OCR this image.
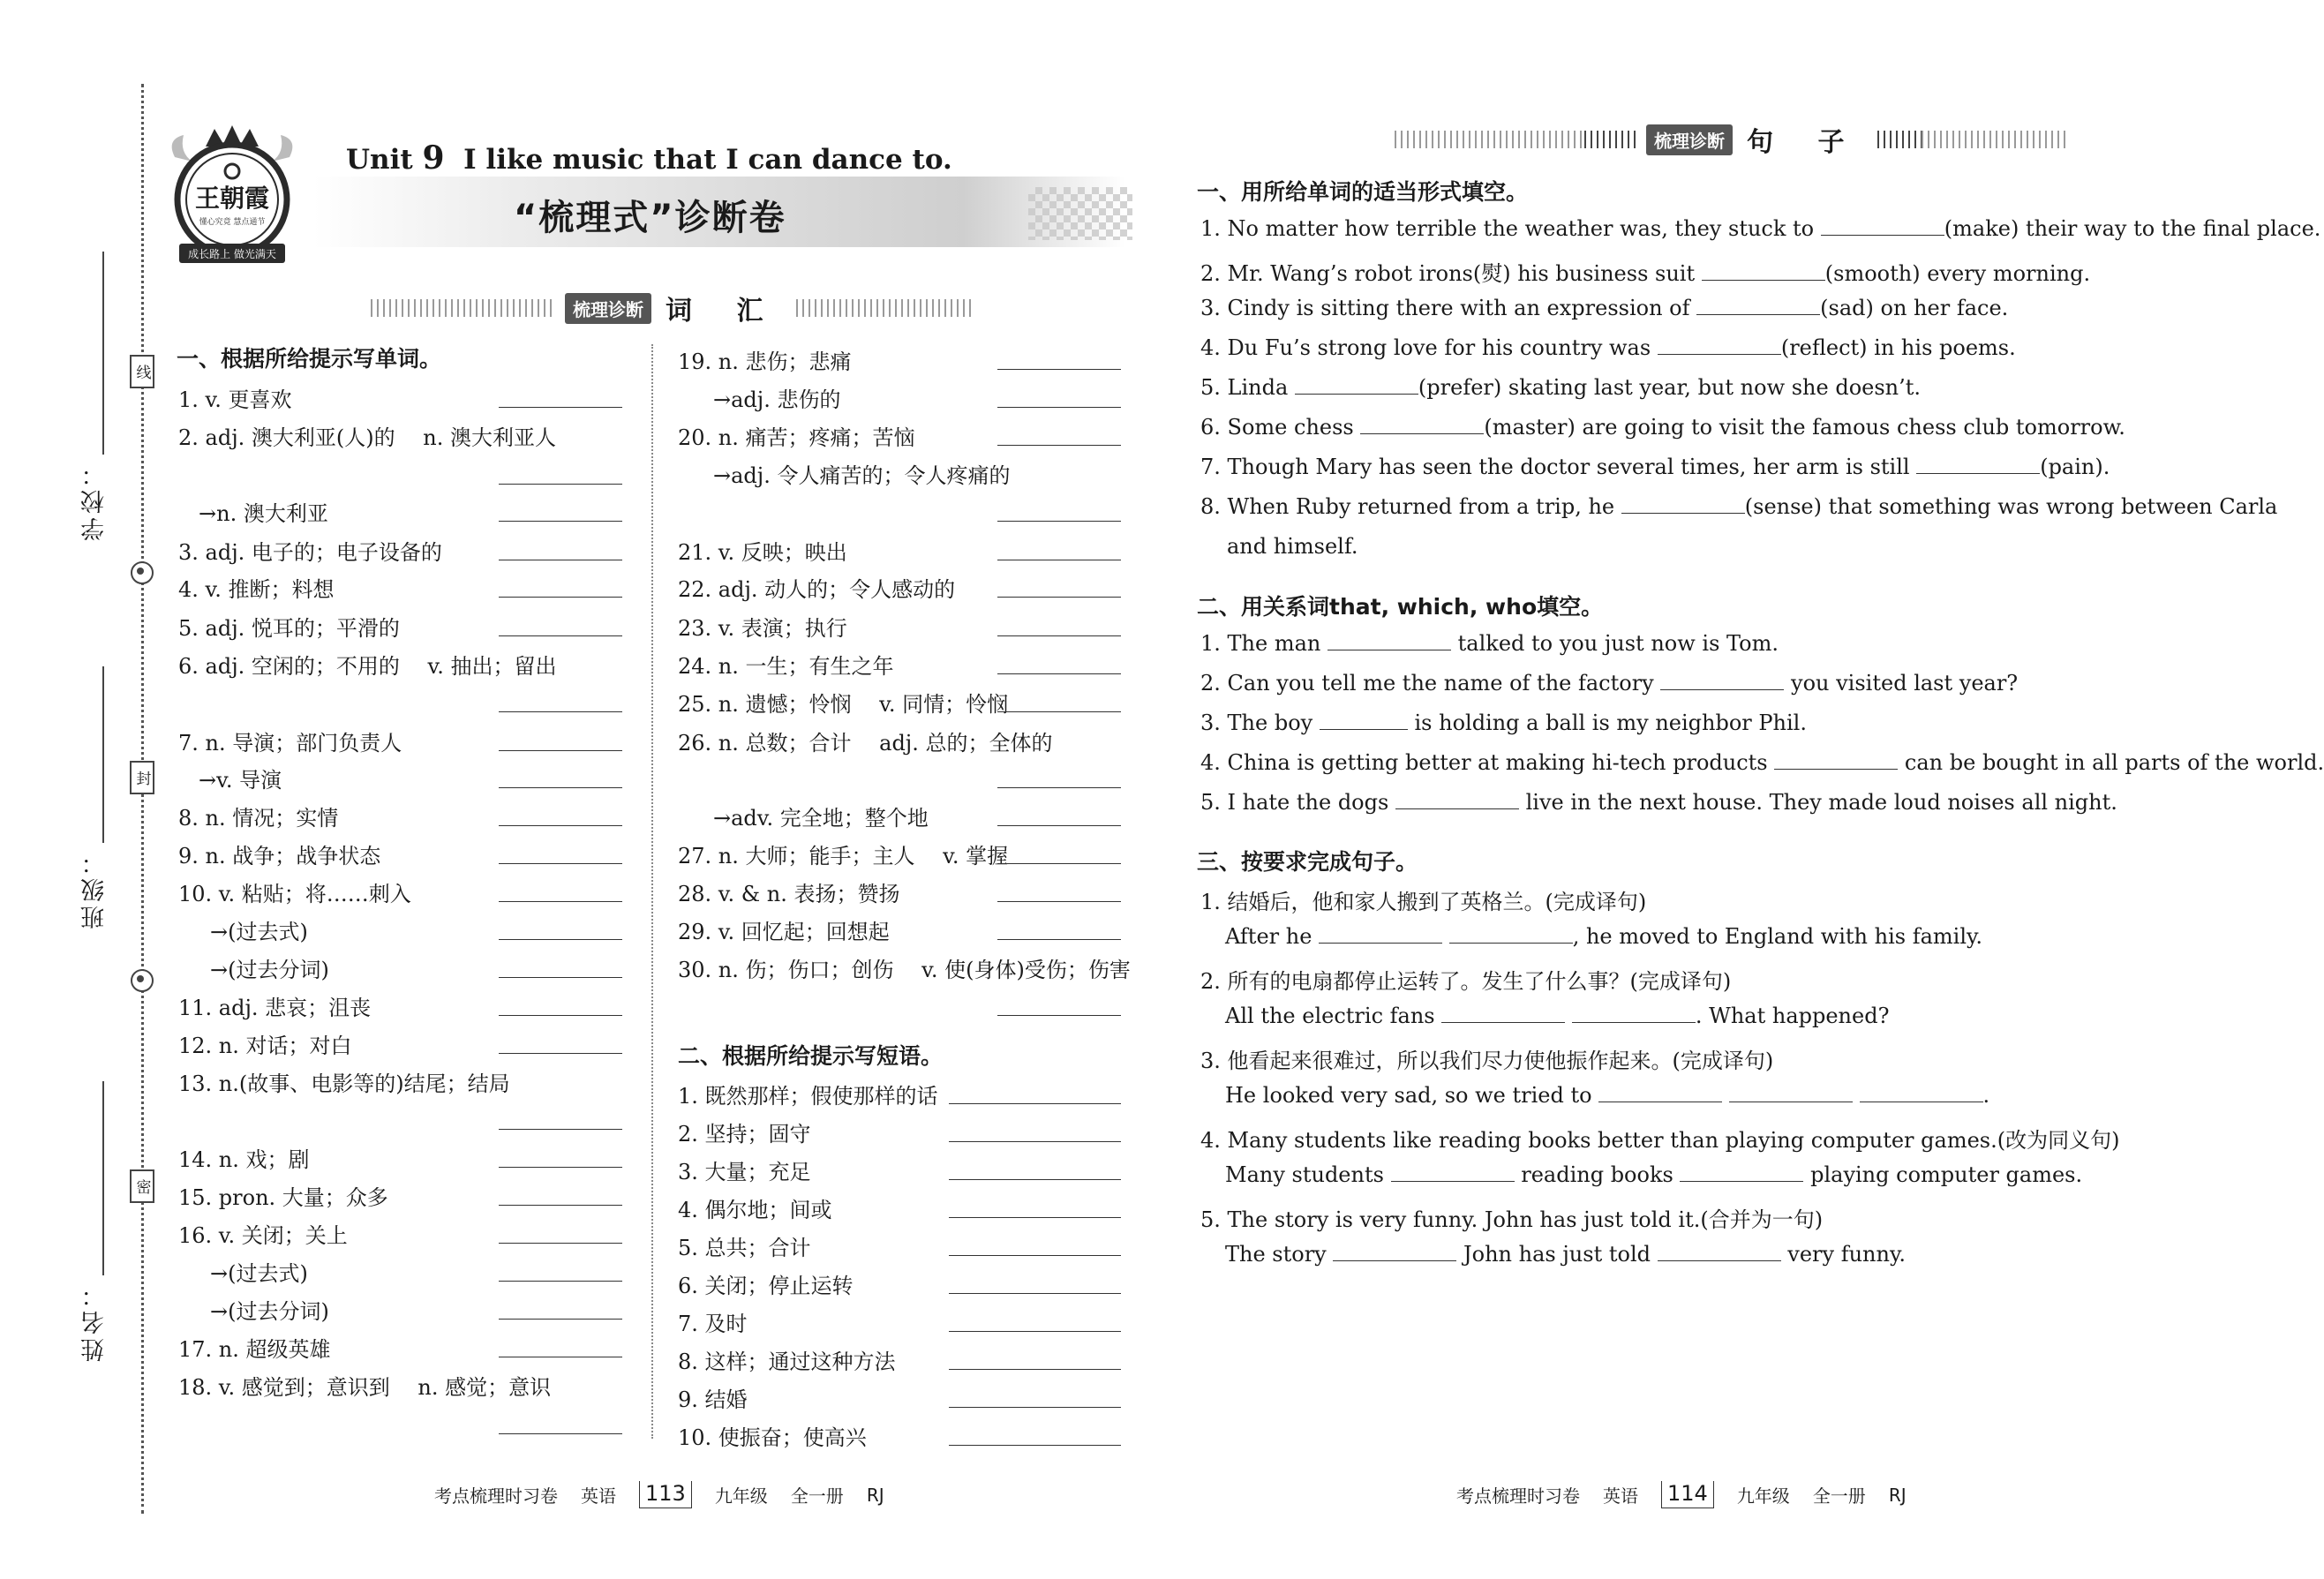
学校：
班级：
姓名：
线
封
密
王朝霞
懂心究竟 慧点通节
成长路上 做光满天
Unit 9 I like music that I can dance to.
“梳理式”诊断卷
梳理诊断 词 汇
梳理诊断 句 子
一、根据所给提示写单词。
1. v. 更喜欢
2. adj. 澳大利亚(人)的　 n. 澳大利亚人
→n. 澳大利亚
3. adj. 电子的；电子设备的
4. v. 推断；料想
5. adj. 悦耳的；平滑的
6. adj. 空闲的；不用的　 v. 抽出；留出
7. n. 导演；部门负责人
→v. 导演
8. n. 情况；实情
9. n. 战争；战争状态
10. v. 粘贴；将……刺入
→(过去式)
→(过去分词)
11. adj. 悲哀；沮丧
12. n. 对话；对白
13. n.(故事、电影等的)结尾；结局
14. n. 戏；剧
15. pron. 大量；众多
16. v. 关闭；关上
→(过去式)
→(过去分词)
17. n. 超级英雄
18. v. 感觉到；意识到　 n. 感觉；意识
19. n. 悲伤；悲痛
→adj. 悲伤的
20. n. 痛苦；疼痛；苦恼
→adj. 令人痛苦的；令人疼痛的
21. v. 反映；映出
22. adj. 动人的；令人感动的
23. v. 表演；执行
24. n. 一生；有生之年
25. n. 遗憾；怜悯　 v. 同情；怜悯
26. n. 总数；合计　 adj. 总的；全体的
→adv. 完全地；整个地
27. n. 大师；能手；主人　 v. 掌握
28. v. & n. 表扬；赞扬
29. v. 回忆起；回想起
30. n. 伤；伤口；创伤　 v. 使(身体)受伤；伤害
二、根据所给提示写短语。
1. 既然那样；假使那样的话
2. 坚持；固守
3. 大量；充足
4. 偶尔地；间或
5. 总共；合计
6. 关闭；停止运转
7. 及时
8. 这样；通过这种方法
9. 结婚
10. 使振奋；使高兴
一、用所给单词的适当形式填空。
1. No matter how terrible the weather was, they stuck to	(make) their way to the final place.
2. Mr. Wang’s robot irons(熨) his business suit	(smooth) every morning.
3. Cindy is sitting there with an expression of	(sad) on her face.
4. Du Fu’s strong love for his country was	(reflect) in his poems.
5. Linda	(prefer) skating last year, but now she doesn’t.
6. Some chess	(master) are going to visit the famous chess club tomorrow.
7. Though Mary has seen the doctor several times, her arm is still	(pain).
8. When Ruby returned from a trip, he	(sense) that something was wrong between Carla
and himself.
二、用关系词that, which, who填空。
1. The man	talked to you just now is Tom.
2. Can you tell me the name of the factory	you visited last year?
3. The boy	is holding a ball is my neighbor Phil.
4. China is getting better at making hi-tech products	can be bought in all parts of the world.
5. I hate the dogs	live in the next house. They made loud noises all night.
三、按要求完成句子。
1. 结婚后，他和家人搬到了英格兰。(完成译句)
After he	, he moved to England with his family.
2. 所有的电扇都停止运转了。发生了什么事？(完成译句)
All the electric fans	. What happened?
3. 他看起来很难过，所以我们尽力使他振作起来。(完成译句)
He looked very sad, so we tried to	.
4. Many students like reading books better than playing computer games.(改为同义句)
Many students	reading books	playing computer games.
5. The story is very funny. John has just told it.(合并为一句)
The story	John has just told	very funny.
考点梳理时习卷 英语 113	九年级 全一册 RJ	考点梳理时习卷 英语 114	九年级 全一册 RJ
